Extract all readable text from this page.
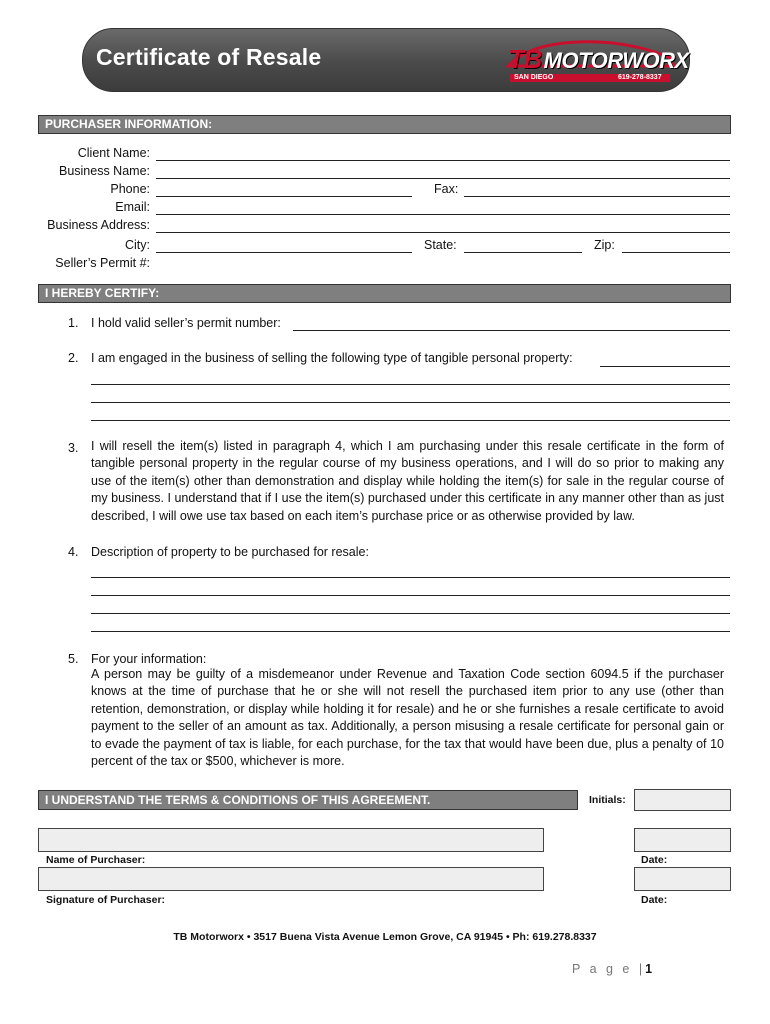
Certificate of Resale	TBMOTORWORX
SAN DIEGO	619-278-8337
PURCHASER INFORMATION:
Client Name:
Business Name:
Phone:	Fax:
Email:
Business Address:
City:	State:	Zip:
Seller’s Permit #:
I HEREBY CERTIFY:
1. I hold valid seller’s permit number:
2. I am engaged in the business of selling the following type of tangible personal property:
3. I will resell the item(s) listed in paragraph 4, which I am purchasing under this resale certificate in the form of tangible personal property in the regular course of my business operations, and I will do so prior to making any use of the item(s) other than demonstration and display while holding the item(s) for sale in the regular course of my business. I understand that if I use the item(s) purchased under this certificate in any manner other than as just described, I will owe use tax based on each item’s purchase price or as otherwise provided by law.
4. Description of property to be purchased for resale:
5. For your information:
A person may be guilty of a misdemeanor under Revenue and Taxation Code section 6094.5 if the purchaser knows at the time of purchase that he or she will not resell the purchased item prior to any use (other than retention, demonstration, or display while holding it for resale) and he or she furnishes a resale certificate to avoid payment to the seller of an amount as tax. Additionally, a person misusing a resale certificate for personal gain or to evade the payment of tax is liable, for each purchase, for the tax that would have been due, plus a penalty of 10 percent of the tax or $500, whichever is more.
I UNDERSTAND THE TERMS & CONDITIONS OF THIS AGREEMENT.	Initials:
Name of Purchaser:	Date:
Signature of Purchaser:	Date:
TB Motorworx • 3517 Buena Vista Avenue Lemon Grove, CA 91945 • Ph: 619.278.8337
P a g e |1
